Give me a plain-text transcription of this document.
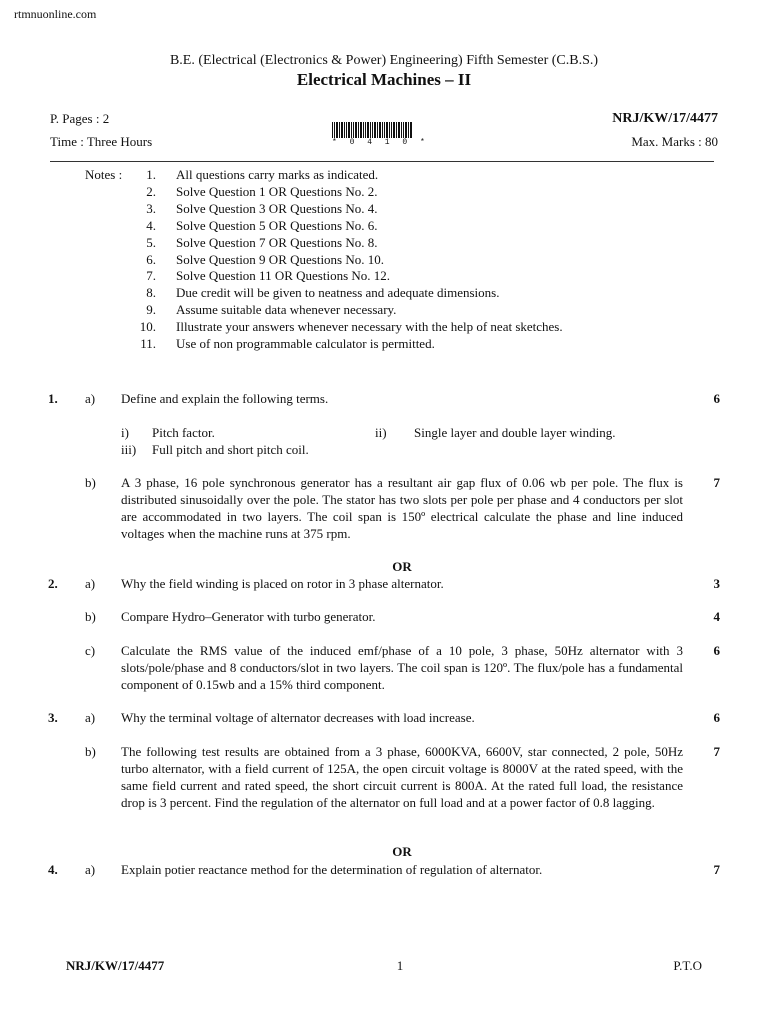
rtmnuonline.com
B.E. (Electrical (Electronics & Power) Engineering) Fifth Semester (C.B.S.)
Electrical Machines – II
P. Pages : 2
Time : Three Hours
NRJ/KW/17/4477
Max. Marks : 80
* 0 4 1 0 *
Notes :	1. All questions carry marks as indicated.
2. Solve Question 1 OR Questions No. 2.
3. Solve Question 3 OR Questions No. 4.
4. Solve Question 5 OR Questions No. 6.
5. Solve Question 7 OR Questions No. 8.
6. Solve Question 9 OR Questions No. 10.
7. Solve Question 11 OR Questions No. 12.
8. Due credit will be given to neatness and adequate dimensions.
9. Assume suitable data whenever necessary.
10. Illustrate your answers whenever necessary with the help of neat sketches.
11. Use of non programmable calculator is permitted.
1. a) Define and explain the following terms.	6
i) Pitch factor.	ii) Single layer and double layer winding.
iii) Full pitch and short pitch coil.
b) A 3 phase, 16 pole synchronous generator has a resultant air gap flux of 0.06 wb per pole. The flux is distributed sinusoidally over the pole. The stator has two slots per pole per phase and 4 conductors per slot are accommodated in two layers. The coil span is 150º electrical calculate the phase and line induced voltages when the machine runs at 375 rpm.
7
OR
2. a) Why the field winding is placed on rotor in 3 phase alternator.	3
b) Compare Hydro–Generator with turbo generator.	4
c) Calculate the RMS value of the induced emf/phase of a 10 pole, 3 phase, 50Hz alternator with 3 slots/pole/phase and 8 conductors/slot in two layers. The coil span is 120º. The flux/pole has a fundamental component of 0.15wb and a 15% third component.
6
3. a) Why the terminal voltage of alternator decreases with load increase.	6
b) The following test results are obtained from a 3 phase, 6000KVA, 6600V, star connected, 2 pole, 50Hz turbo alternator, with a field current of 125A, the open circuit voltage is 8000V at the rated speed, with the same field current and rated speed, the short circuit current is 800A. At the rated full load, the resistance drop is 3 percent. Find the regulation of the alternator on full load and at a power factor of 0.8 lagging.
7
OR
4. a) Explain potier reactance method for the determination of regulation of alternator.	7
NRJ/KW/17/4477	1	P.T.O
